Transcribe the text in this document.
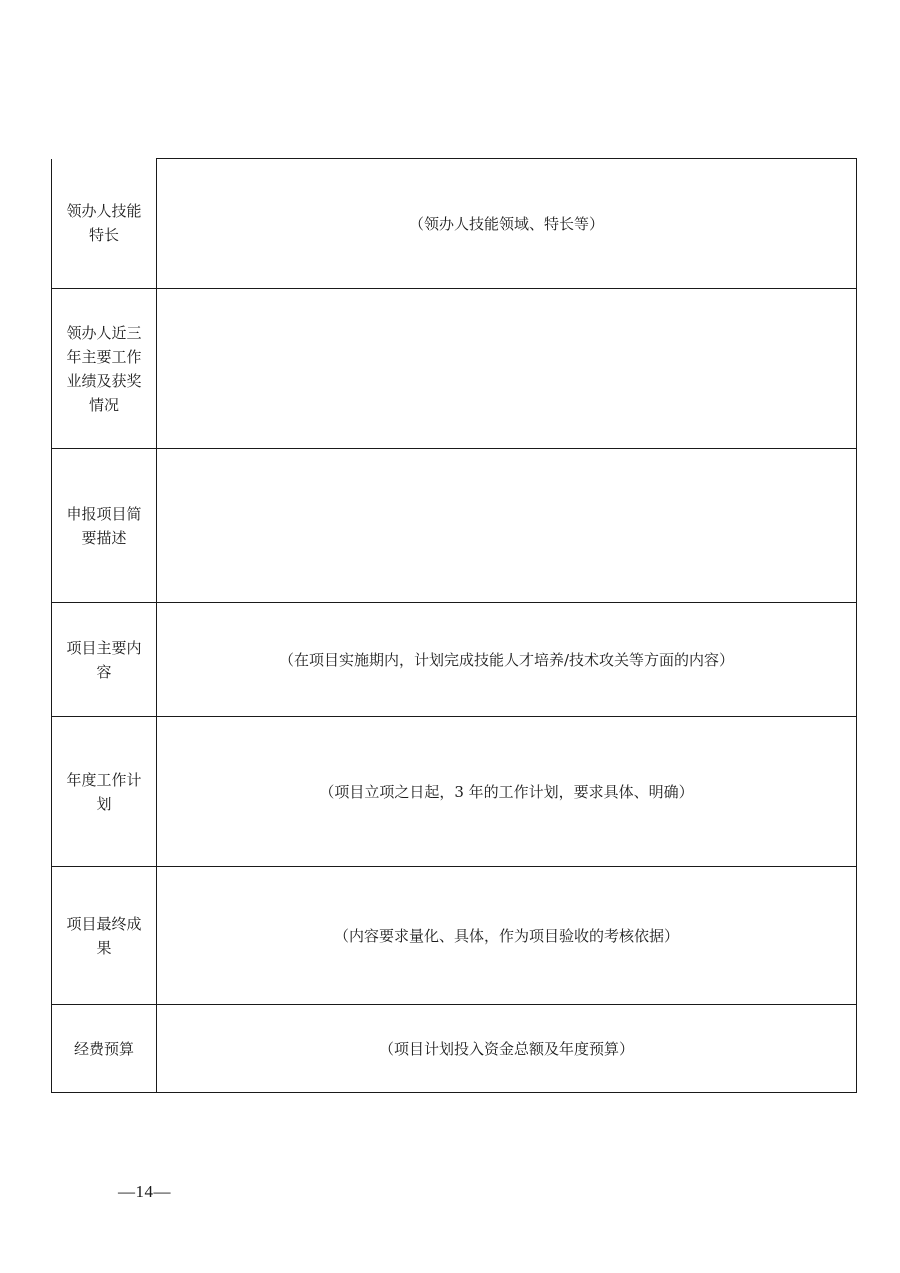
领办人技能特长	（领办人技能领域、特长等）
领办人近三年主要工作业绩及获奖情况	
申报项目简要描述	
项目主要内容	（在项目实施期内，计划完成技能人才培养/技术攻关等方面的内容）
年度工作计划	（项目立项之日起，3 年的工作计划，要求具体、明确）
项目最终成果	（内容要求量化、具体，作为项目验收的考核依据）
经费预算	（项目计划投入资金总额及年度预算）
—14—
